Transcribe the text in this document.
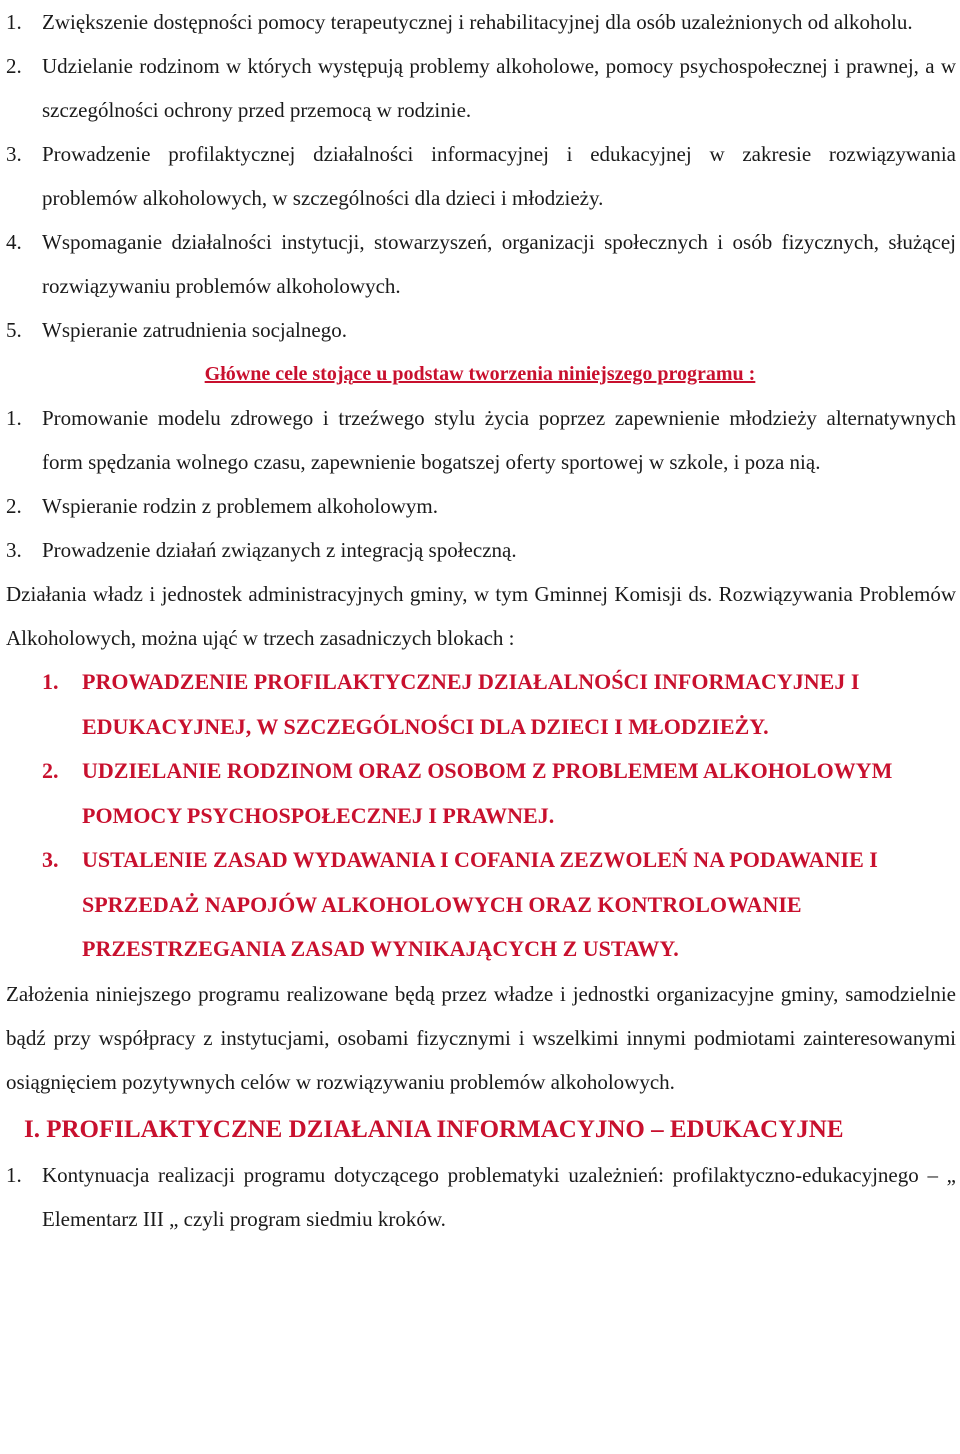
1. Zwiększenie dostępności pomocy terapeutycznej i rehabilitacyjnej dla osób uzależnionych od alkoholu.
2. Udzielanie rodzinom w których występują problemy alkoholowe, pomocy psychospołecznej i prawnej, a w szczególności ochrony przed przemocą w rodzinie.
3. Prowadzenie profilaktycznej działalności informacyjnej i edukacyjnej w zakresie rozwiązywania problemów alkoholowych, w szczególności dla dzieci i młodzieży.
4. Wspomaganie działalności instytucji, stowarzyszeń, organizacji społecznych i osób fizycznych, służącej rozwiązywaniu problemów alkoholowych.
5. Wspieranie zatrudnienia socjalnego.
Główne cele stojące u podstaw tworzenia niniejszego programu :
1. Promowanie modelu zdrowego i trzeźwego stylu życia poprzez zapewnienie młodzieży alternatywnych form spędzania wolnego czasu, zapewnienie bogatszej oferty sportowej w szkole, i poza nią.
2. Wspieranie rodzin z problemem alkoholowym.
3. Prowadzenie działań związanych z integracją społeczną.
Działania władz i jednostek administracyjnych gminy, w tym Gminnej Komisji ds. Rozwiązywania Problemów Alkoholowych, można ująć w trzech zasadniczych blokach :
1. PROWADZENIE PROFILAKTYCZNEJ DZIAŁALNOŚCI INFORMACYJNEJ I EDUKACYJNEJ, W SZCZEGÓLNOŚCI DLA DZIECI I MŁODZIEŻY.
2. UDZIELANIE RODZINOM ORAZ OSOBOM Z PROBLEMEM ALKOHOLOWYM POMOCY PSYCHOSPOŁECZNEJ I PRAWNEJ.
3. USTALENIE ZASAD WYDAWANIA I COFANIA ZEZWOLEŃ NA PODAWANIE I SPRZEDAŻ NAPOJÓW ALKOHOLOWYCH ORAZ KONTROLOWANIE PRZESTRZEGANIA ZASAD WYNIKAJĄCYCH Z USTAWY.
Założenia niniejszego programu realizowane będą przez władze i jednostki organizacyjne gminy, samodzielnie bądź przy współpracy z instytucjami, osobami fizycznymi i wszelkimi innymi podmiotami zainteresowanymi osiągnięciem pozytywnych celów w rozwiązywaniu problemów alkoholowych.
I. PROFILAKTYCZNE DZIAŁANIA INFORMACYJNO – EDUKACYJNE
1. Kontynuacja realizacji programu dotyczącego problematyki uzależnień: profilaktyczno-edukacyjnego – „ Elementarz III „ czyli program siedmiu kroków.
